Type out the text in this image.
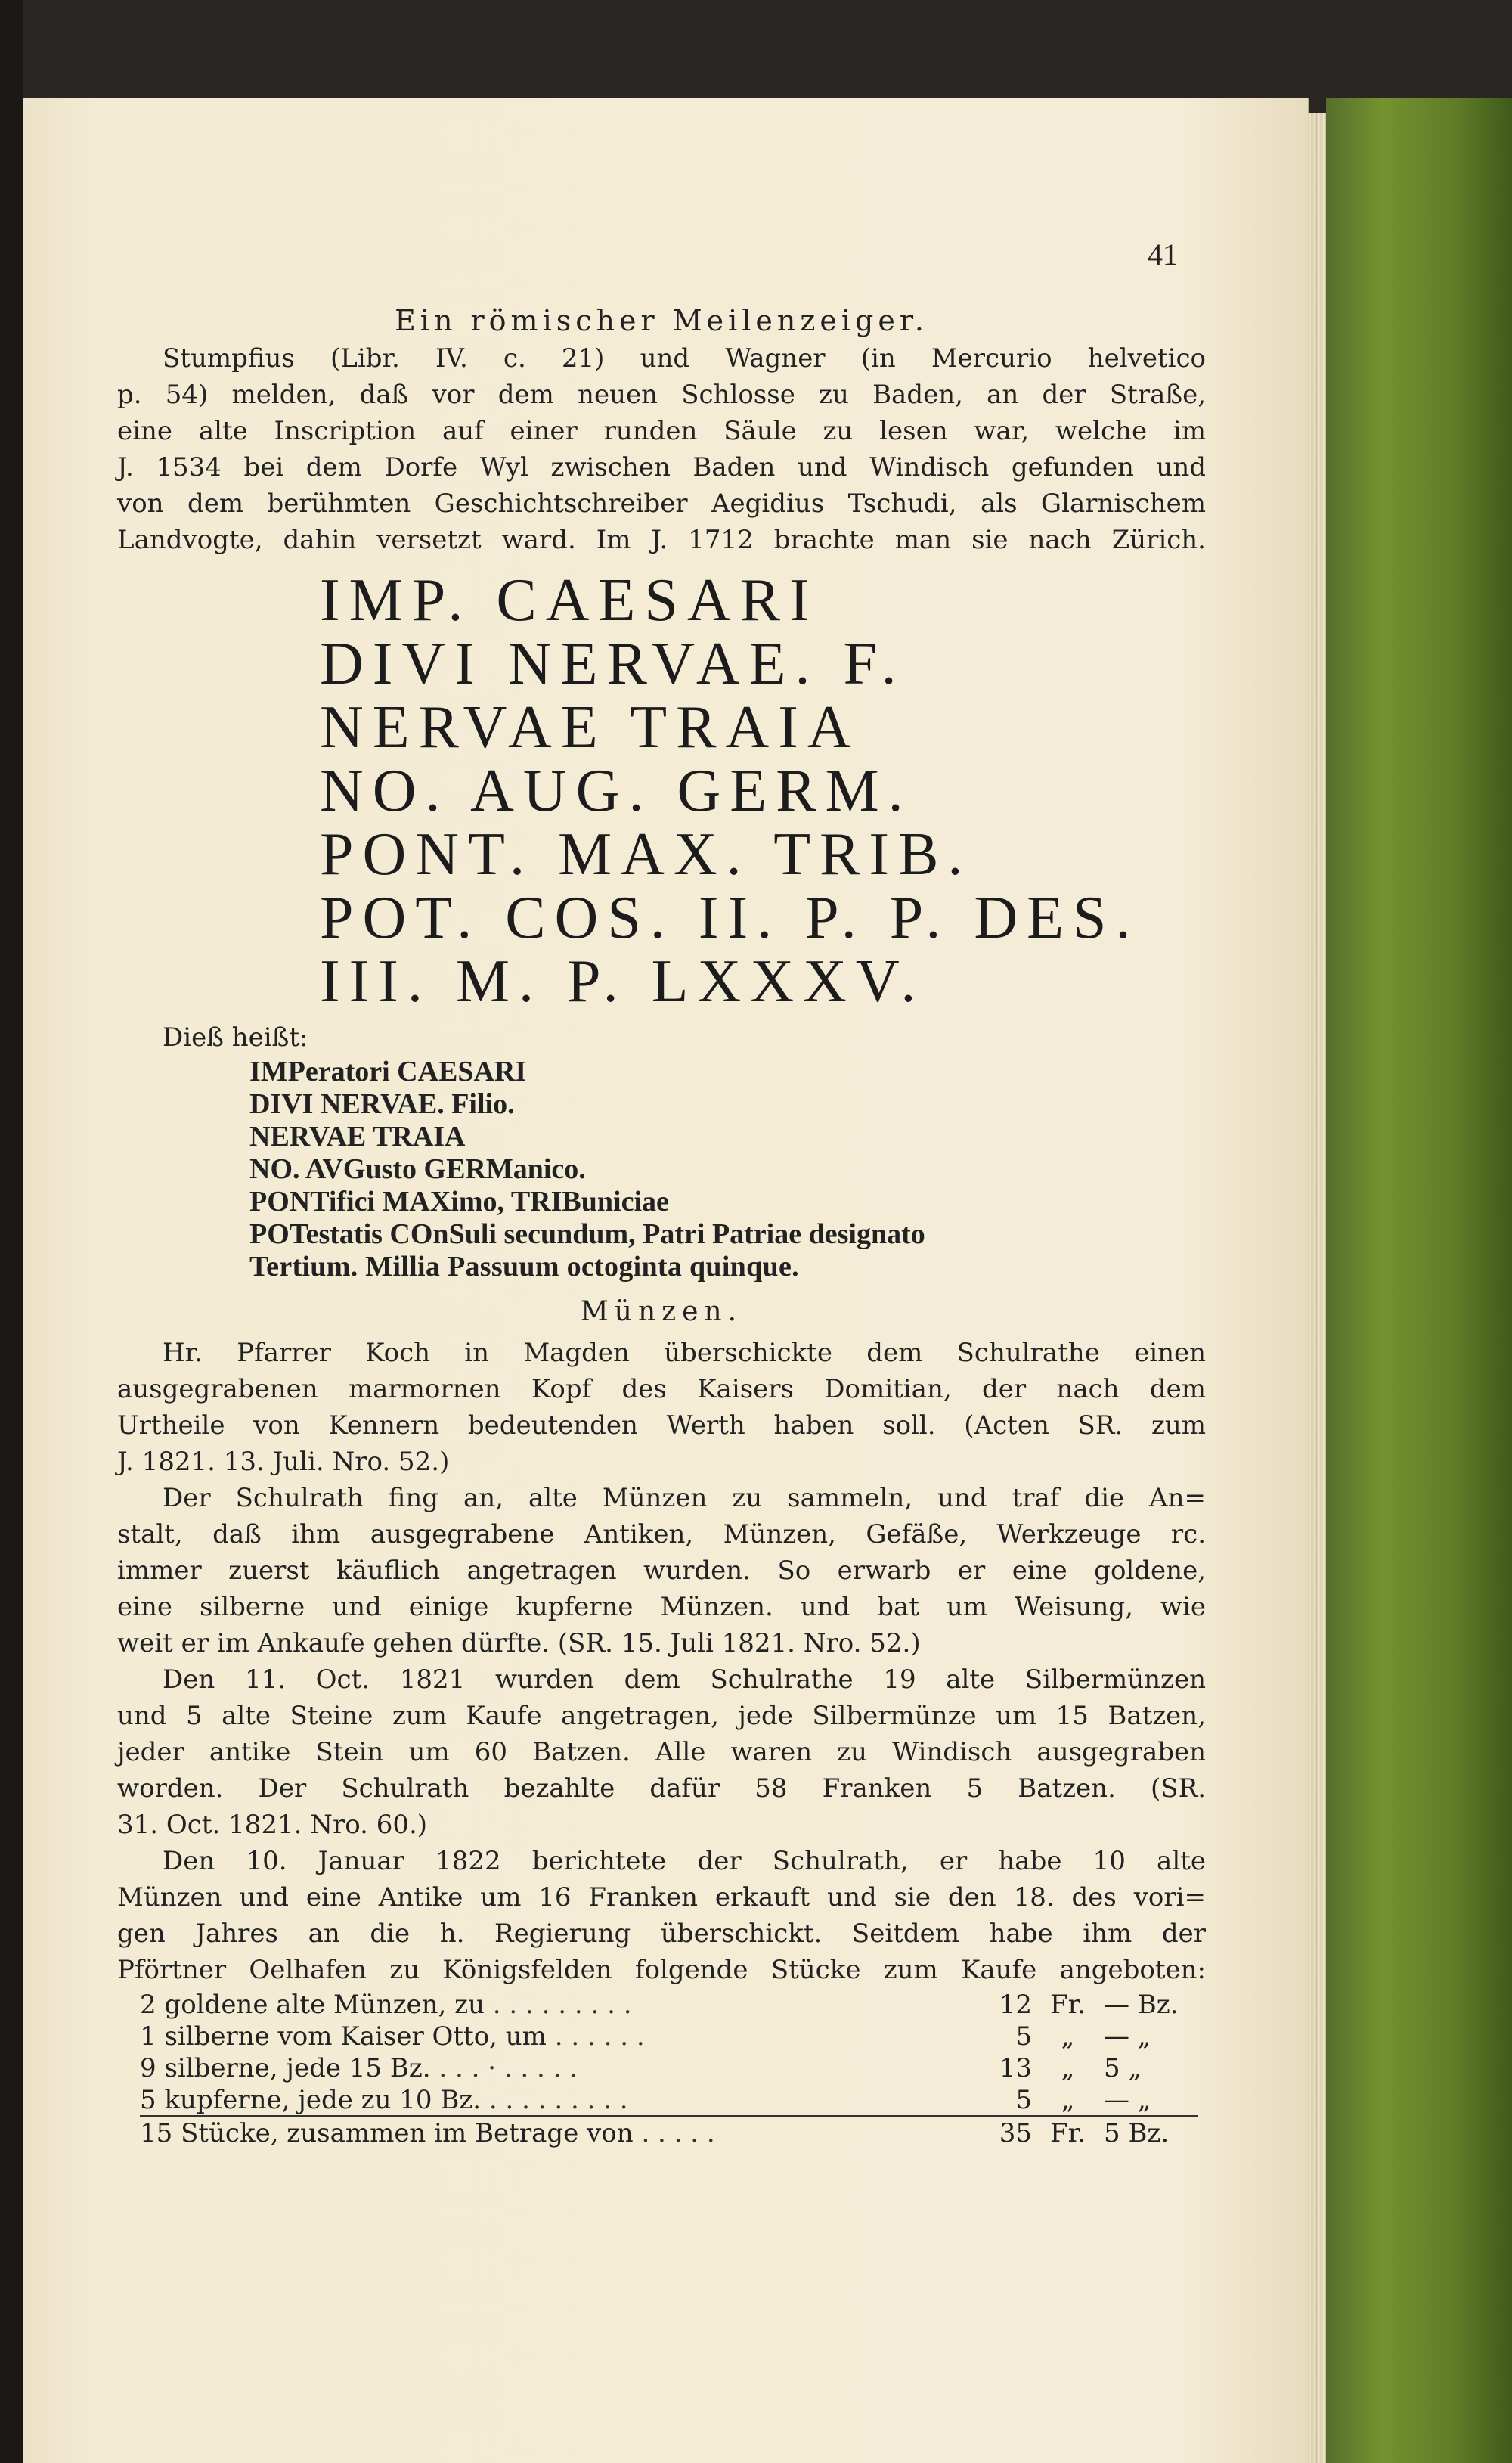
41
Ein römischer Meilenzeiger.
Stumpfius (Libr. IV. c. 21) und Wagner (in Mercurio helvetico
p. 54) melden, daß vor dem neuen Schlosse zu Baden, an der Straße,
eine alte Inscription auf einer runden Säule zu lesen war, welche im
J. 1534 bei dem Dorfe Wyl zwischen Baden und Windisch gefunden und
von dem berühmten Geschichtschreiber Aegidius Tschudi, als Glarnischem
Landvogte, dahin versetzt ward. Im J. 1712 brachte man sie nach Zürich.
IMP. CAESARI
DIVI NERVAE. F.
NERVAE TRAIA
NO. AUG. GERM.
PONT. MAX. TRIB.
POT. COS. II. P. P. DES.
III. M. P. LXXXV.
Dieß heißt:
IMPeratori CAESARI
DIVI NERVAE. Filio.
NERVAE TRAIA
NO. AVGusto GERManico.
PONTifici MAXimo, TRIBuniciae
POTestatis COnSuli secundum, Patri Patriae designato
Tertium. Millia Passuum octoginta quinque.
Münzen.
Hr. Pfarrer Koch in Magden überschickte dem Schulrathe einen
ausgegrabenen marmornen Kopf des Kaisers Domitian, der nach dem
Urtheile von Kennern bedeutenden Werth haben soll. (Acten SR. zum
J. 1821. 13. Juli. Nro. 52.)
Der Schulrath fing an, alte Münzen zu sammeln, und traf die An=
stalt, daß ihm ausgegrabene Antiken, Münzen, Gefäße, Werkzeuge rc.
immer zuerst käuflich angetragen wurden. So erwarb er eine goldene,
eine silberne und einige kupferne Münzen. und bat um Weisung, wie
weit er im Ankaufe gehen dürfte. (SR. 15. Juli 1821. Nro. 52.)
Den 11. Oct. 1821 wurden dem Schulrathe 19 alte Silbermünzen
und 5 alte Steine zum Kaufe angetragen, jede Silbermünze um 15 Batzen,
jeder antike Stein um 60 Batzen. Alle waren zu Windisch ausgegraben
worden. Der Schulrath bezahlte dafür 58 Franken 5 Batzen. (SR.
31. Oct. 1821. Nro. 60.)
Den 10. Januar 1822 berichtete der Schulrath, er habe 10 alte
Münzen und eine Antike um 16 Franken erkauft und sie den 18. des vori=
gen Jahres an die h. Regierung überschickt. Seitdem habe ihm der
Pförtner Oelhafen zu Königsfelden folgende Stücke zum Kaufe angeboten:
2 goldene alte Münzen, zu . . . . . . . . .	12	Fr.	— Bz.
1 silberne vom Kaiser Otto, um . . . . . .	5	„	— „
9 silberne, jede 15 Bz. . . . · . . . . .	13	„	5 „
5 kupferne, jede zu 10 Bz. . . . . . . . . .	5	„	— „
15 Stücke, zusammen im Betrage von . . . . .	35	Fr.	5 Bz.
